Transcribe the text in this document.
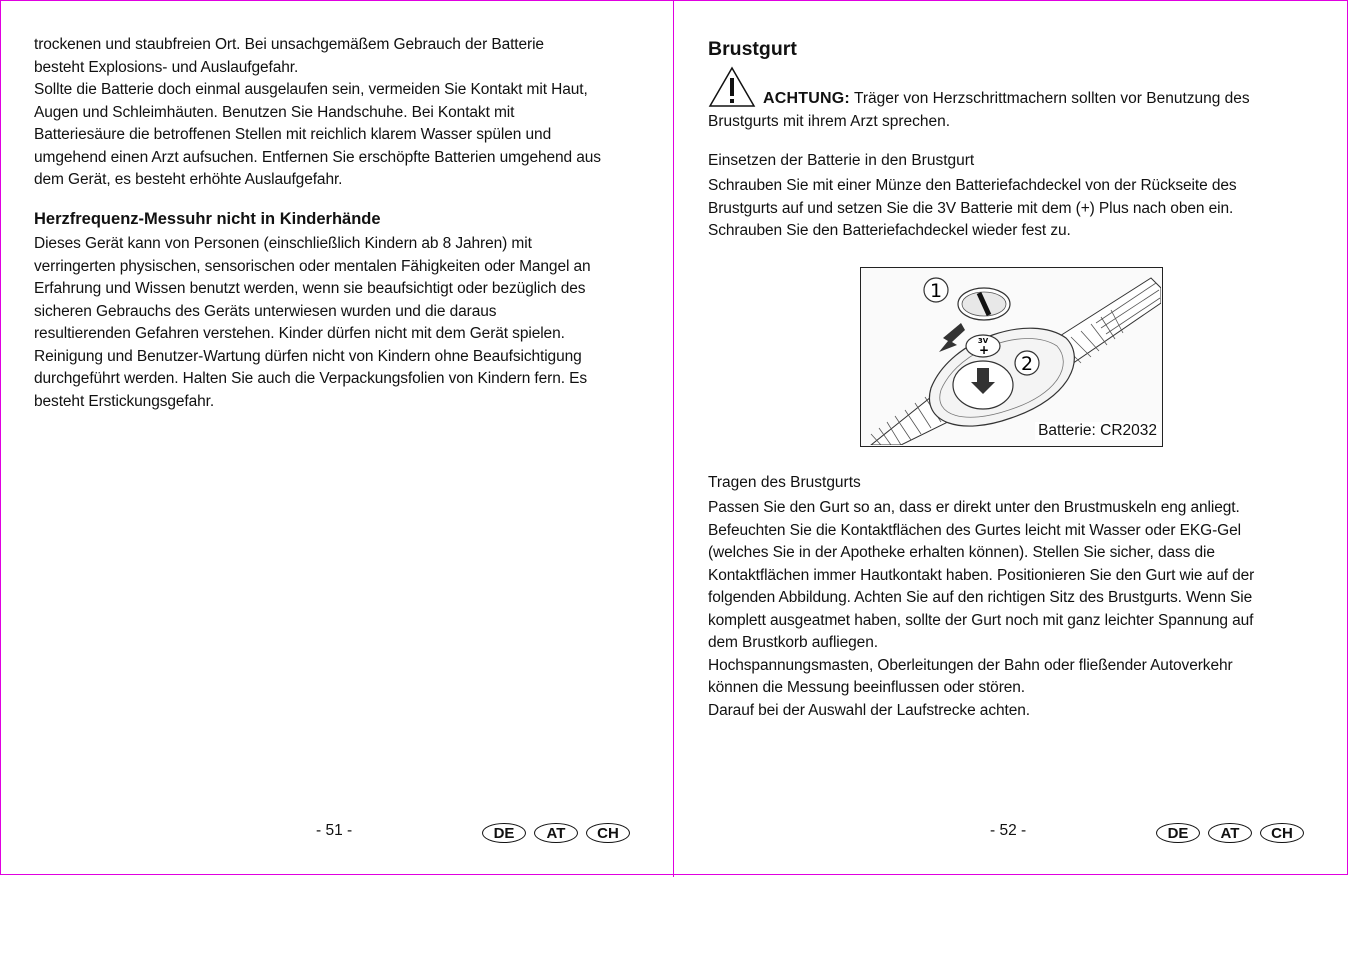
trockenen und staubfreien Ort. Bei unsachgemäßem Gebrauch der Batterie
besteht Explosions- und Auslaufgefahr.
Sollte die Batterie doch einmal ausgelaufen sein, vermeiden Sie Kontakt mit Haut,
Augen und Schleimhäuten. Benutzen Sie Handschuhe. Bei Kontakt mit
Batteriesäure die betroffenen Stellen mit reichlich klarem Wasser spülen und
umgehend einen Arzt aufsuchen. Entfernen Sie erschöpfte Batterien umgehend aus
dem Gerät, es besteht erhöhte Auslaufgefahr.
Herzfrequenz-Messuhr nicht in Kinderhände
Dieses Gerät kann von Personen (einschließlich Kindern ab 8 Jahren) mit
verringerten physischen, sensorischen oder mentalen Fähigkeiten oder Mangel an
Erfahrung und Wissen benutzt werden, wenn sie beaufsichtigt oder bezüglich des
sicheren Gebrauchs des Geräts unterwiesen wurden und die daraus
resultierenden Gefahren verstehen. Kinder dürfen nicht mit dem Gerät spielen.
Reinigung und Benutzer-Wartung dürfen nicht von Kindern ohne Beaufsichtigung
durchgeführt werden. Halten Sie auch die Verpackungsfolien von Kindern fern. Es
besteht Erstickungsgefahr.
- 51 -	DE	AT	CH
Brustgurt
ACHTUNG: Träger von Herzschrittmachern sollten vor Benutzung des
Brustgurts mit ihrem Arzt sprechen.
Einsetzen der Batterie in den Brustgurt
Schrauben Sie mit einer Münze den Batteriefachdeckel von der Rückseite des
Brustgurts auf und setzen Sie die 3V Batterie mit dem (+) Plus nach oben ein.
Schrauben Sie den Batteriefachdeckel wieder fest zu.
3V
+
1
2
Batterie: CR2032
Tragen des Brustgurts
Passen Sie den Gurt so an, dass er direkt unter den Brustmuskeln eng anliegt.
Befeuchten Sie die Kontaktflächen des Gurtes leicht mit Wasser oder EKG-Gel
(welches Sie in der Apotheke erhalten können). Stellen Sie sicher, dass die
Kontaktflächen immer Hautkontakt haben. Positionieren Sie den Gurt wie auf der
folgenden Abbildung. Achten Sie auf den richtigen Sitz des Brustgurts. Wenn Sie
komplett ausgeatmet haben, sollte der Gurt noch mit ganz leichter Spannung auf
dem Brustkorb aufliegen.
Hochspannungsmasten, Oberleitungen der Bahn oder fließender Autoverkehr
können die Messung beeinflussen oder stören.
Darauf bei der Auswahl der Laufstrecke achten.
- 52 -	DE	AT	CH
